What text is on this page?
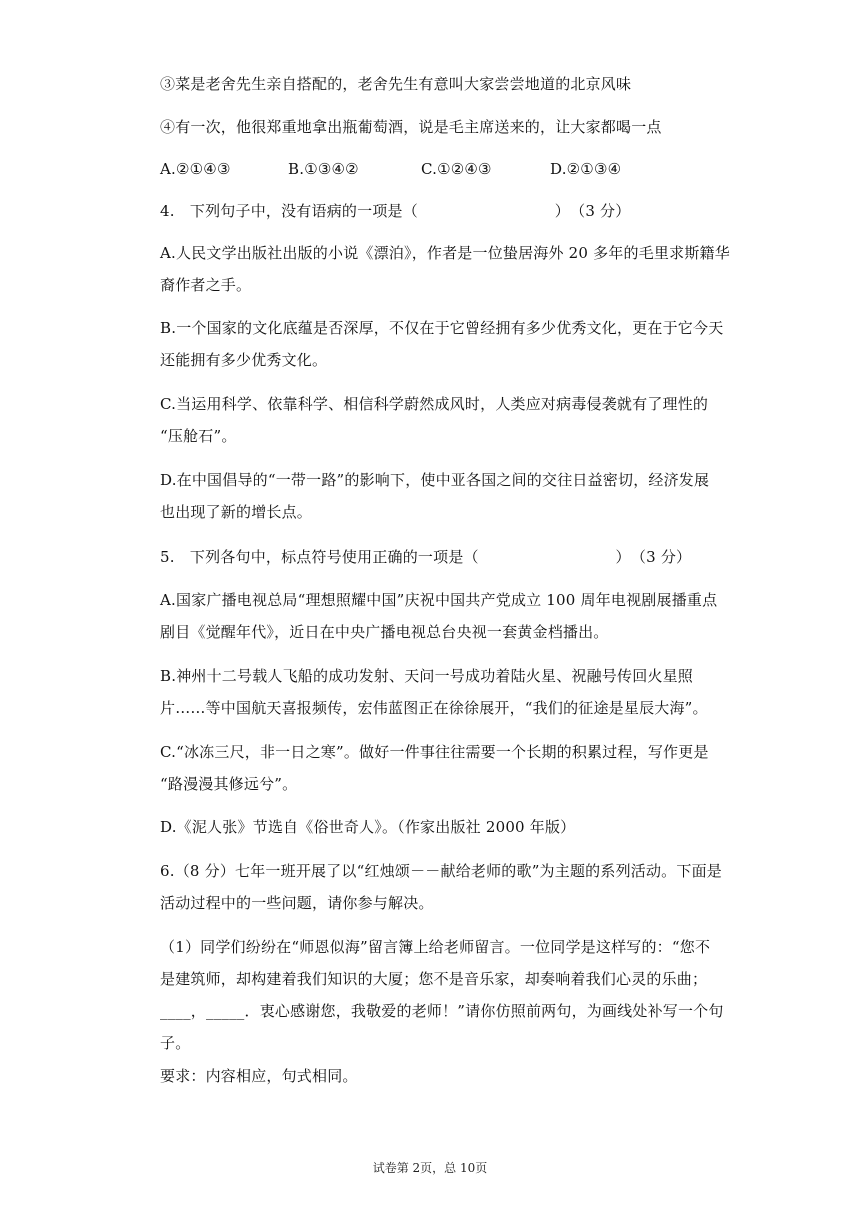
③菜是老舍先生亲自搭配的，老舍先生有意叫大家尝尝地道的北京风味
④有一次，他很郑重地拿出瓶葡萄酒，说是毛主席送来的，让大家都喝一点
A.②①④③	B.①③④②	C.①②④③	D.②①③④
4.　下列句子中，没有语病的一项是（　　　　　　　　　）　（3 分）
A.人民文学出版社出版的小说《漂泊》，作者是一位蛰居海外 20 多年的毛里求斯籍华
裔作者之手。
B.一个国家的文化底蕴是否深厚，不仅在于它曾经拥有多少优秀文化，更在于它今天
还能拥有多少优秀文化。
C.当运用科学、依靠科学、相信科学蔚然成风时，人类应对病毒侵袭就有了理性的
“压舱石”。
D.在中国倡导的“一带一路”的影响下，使中亚各国之间的交往日益密切，经济发展
也出现了新的增长点。
5.　下列各句中，标点符号使用正确的一项是（　　　　　　　　　）　（3 分）
A.国家广播电视总局“理想照耀中国”庆祝中国共产党成立 100 周年电视剧展播重点
剧目《觉醒年代》，近日在中央广播电视总台央视一套黄金档播出。
B.神州十二号载人飞船的成功发射、天问一号成功着陆火星、祝融号传回火星照
片……等中国航天喜报频传，宏伟蓝图正在徐徐展开，“我们的征途是星辰大海”。
C.“冰冻三尺，非一日之寒”。做好一件事往往需要一个长期的积累过程，写作更是
“路漫漫其修远兮”。
D.《泥人张》节选自《俗世奇人》。（作家出版社 2000 年版）
6.（8 分）七年一班开展了以“红烛颂－－献给老师的歌”为主题的系列活动。下面是
活动过程中的一些问题，请你参与解决。
（1）同学们纷纷在“师恩似海”留言簿上给老师留言。一位同学是这样写的：“您不
是建筑师，却构建着我们知识的大厦；您不是音乐家，却奏响着我们心灵的乐曲；
____，_____．衷心感谢您，我敬爱的老师！”请你仿照前两句，为画线处补写一个句
子。
要求：内容相应，句式相同。
试卷第 2页，总 10页
